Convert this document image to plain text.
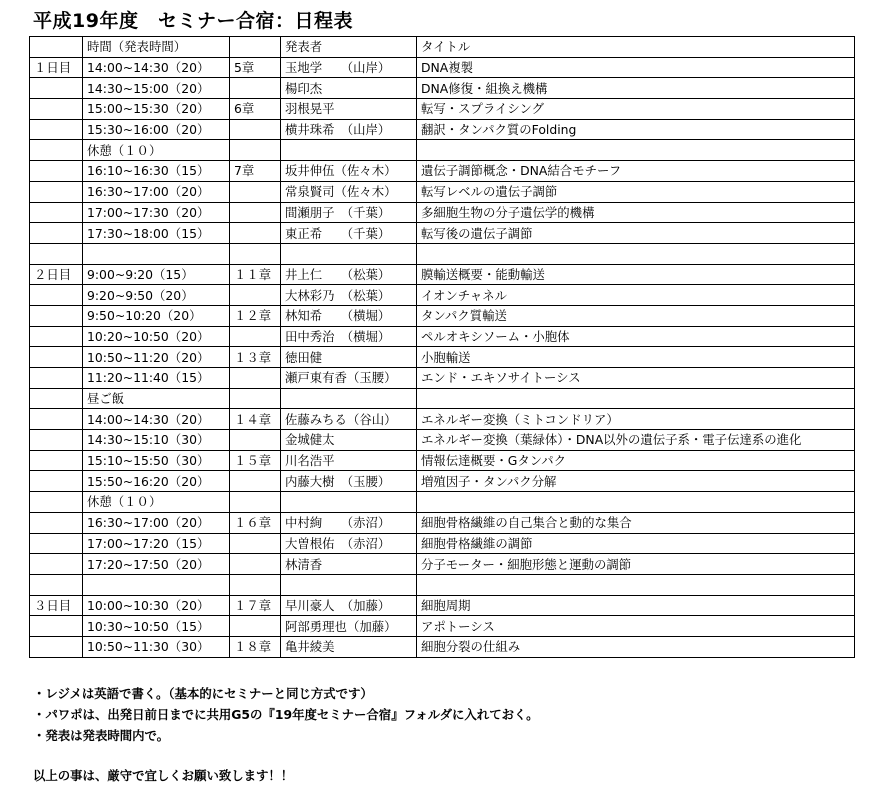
平成19年度　セミナー合宿：日程表
	時間（発表時間）		発表者	タイトル
１日目	14:00~14:30（20）	5章	玉地学　　（山岸）	DNA複製
	14:30~15:00（20）		楊印杰	DNA修復・組換え機構
	15:00~15:30（20）	6章	羽根晃平	転写・スプライシング
	15:30~16:00（20）		横井珠希　（山岸）	翻訳・タンパク質のFolding
	休憩（１０）			
	16:10~16:30（15）	7章	坂井伸伍（佐々木）	遺伝子調節概念・DNA結合モチーフ
	16:30~17:00（20）		常泉賢司（佐々木）	転写レベルの遺伝子調節
	17:00~17:30（20）		間瀬朋子　（千葉）	多細胞生物の分子遺伝学的機構
	17:30~18:00（15）		東正希　　（千葉）	転写後の遺伝子調節

２日目	9:00~9:20（15）	１１章	井上仁　　（松葉）	膜輸送概要・能動輸送
	9:20~9:50（20）		大林彩乃　（松葉）	イオンチャネル
	9:50~10:20（20）	１２章	林知希　　（横堀）	タンパク質輸送
	10:20~10:50（20）		田中秀治　（横堀）	ペルオキシソーム・小胞体
	10:50~11:20（20）	１３章	徳田健	小胞輸送
	11:20~11:40（15）		瀬戸東有香（玉腰）	エンド・エキソサイトーシス
	昼ご飯			
	14:00~14:30（20）	１４章	佐藤みちる（谷山）	エネルギー変換（ミトコンドリア）
	14:30~15:10（30）		金城健太	エネルギー変換（葉緑体）・DNA以外の遺伝子系・電子伝達系の進化
	15:10~15:50（30）	１５章	川名浩平	情報伝達概要・Gタンパク
	15:50~16:20（20）		内藤大樹　（玉腰）	増殖因子・タンパク分解
	休憩（１０）			
	16:30~17:00（20）	１６章	中村絢　　（赤沼）	細胞骨格繊維の自己集合と動的な集合
	17:00~17:20（15）		大曽根佑　（赤沼）	細胞骨格繊維の調節
	17:20~17:50（20）		林清香	分子モーター・細胞形態と運動の調節

３日目	10:00~10:30（20）	１７章	早川豪人　（加藤）	細胞周期
	10:30~10:50（15）		阿部勇理也（加藤）	アポトーシス
	10:50~11:30（30）	１８章	亀井綾美	細胞分裂の仕組み
・レジメは英語で書く。（基本的にセミナーと同じ方式です）
・パワポは、出発日前日までに共用G5の『19年度セミナー合宿』フォルダに入れておく。
・発表は発表時間内で。
以上の事は、厳守で宜しくお願い致します！！
